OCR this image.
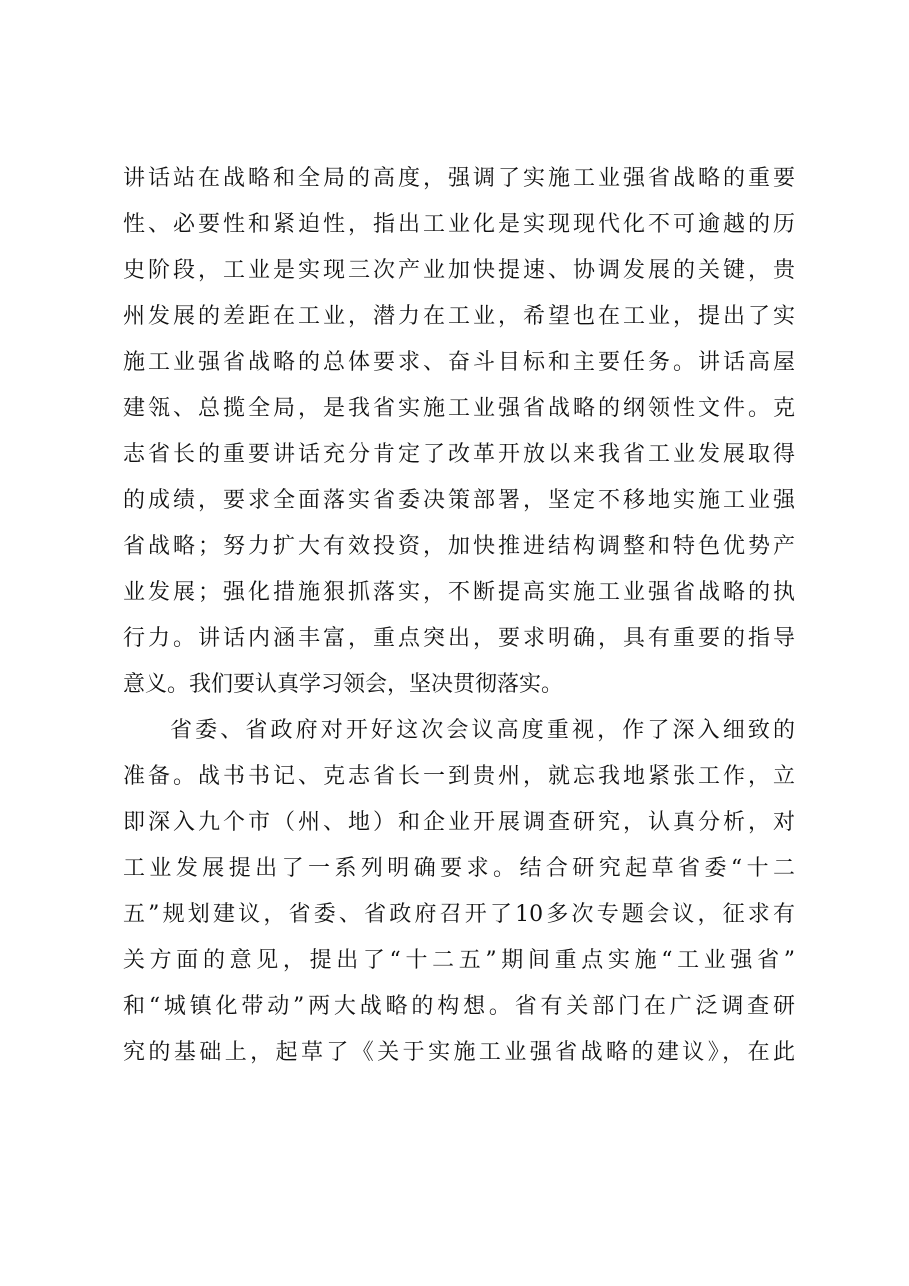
讲话站在战略和全局的高度，强调了实施工业强省战略的重要
性、必要性和紧迫性，指出工业化是实现现代化不可逾越的历
史阶段，工业是实现三次产业加快提速、协调发展的关键，贵
州发展的差距在工业，潜力在工业，希望也在工业，提出了实
施工业强省战略的总体要求、奋斗目标和主要任务。讲话高屋
建瓴、总揽全局，是我省实施工业强省战略的纲领性文件。克
志省长的重要讲话充分肯定了改革开放以来我省工业发展取得
的成绩，要求全面落实省委决策部署，坚定不移地实施工业强
省战略；努力扩大有效投资，加快推进结构调整和特色优势产
业发展；强化措施狠抓落实，不断提高实施工业强省战略的执
行力。讲话内涵丰富，重点突出，要求明确，具有重要的指导
意义。我们要认真学习领会，坚决贯彻落实。
省委、省政府对开好这次会议高度重视，作了深入细致的
准备。战书书记、克志省长一到贵州，就忘我地紧张工作，立
即深入九个市（州、地）和企业开展调查研究，认真分析，对
工业发展提出了一系列明确要求。结合研究起草省委“十二
五”规划建议，省委、省政府召开了10多次专题会议，征求有
关方面的意见，提出了“十二五”期间重点实施“工业强省”
和“城镇化带动”两大战略的构想。省有关部门在广泛调查研
究的基础上，起草了《关于实施工业强省战略的建议》，在此
